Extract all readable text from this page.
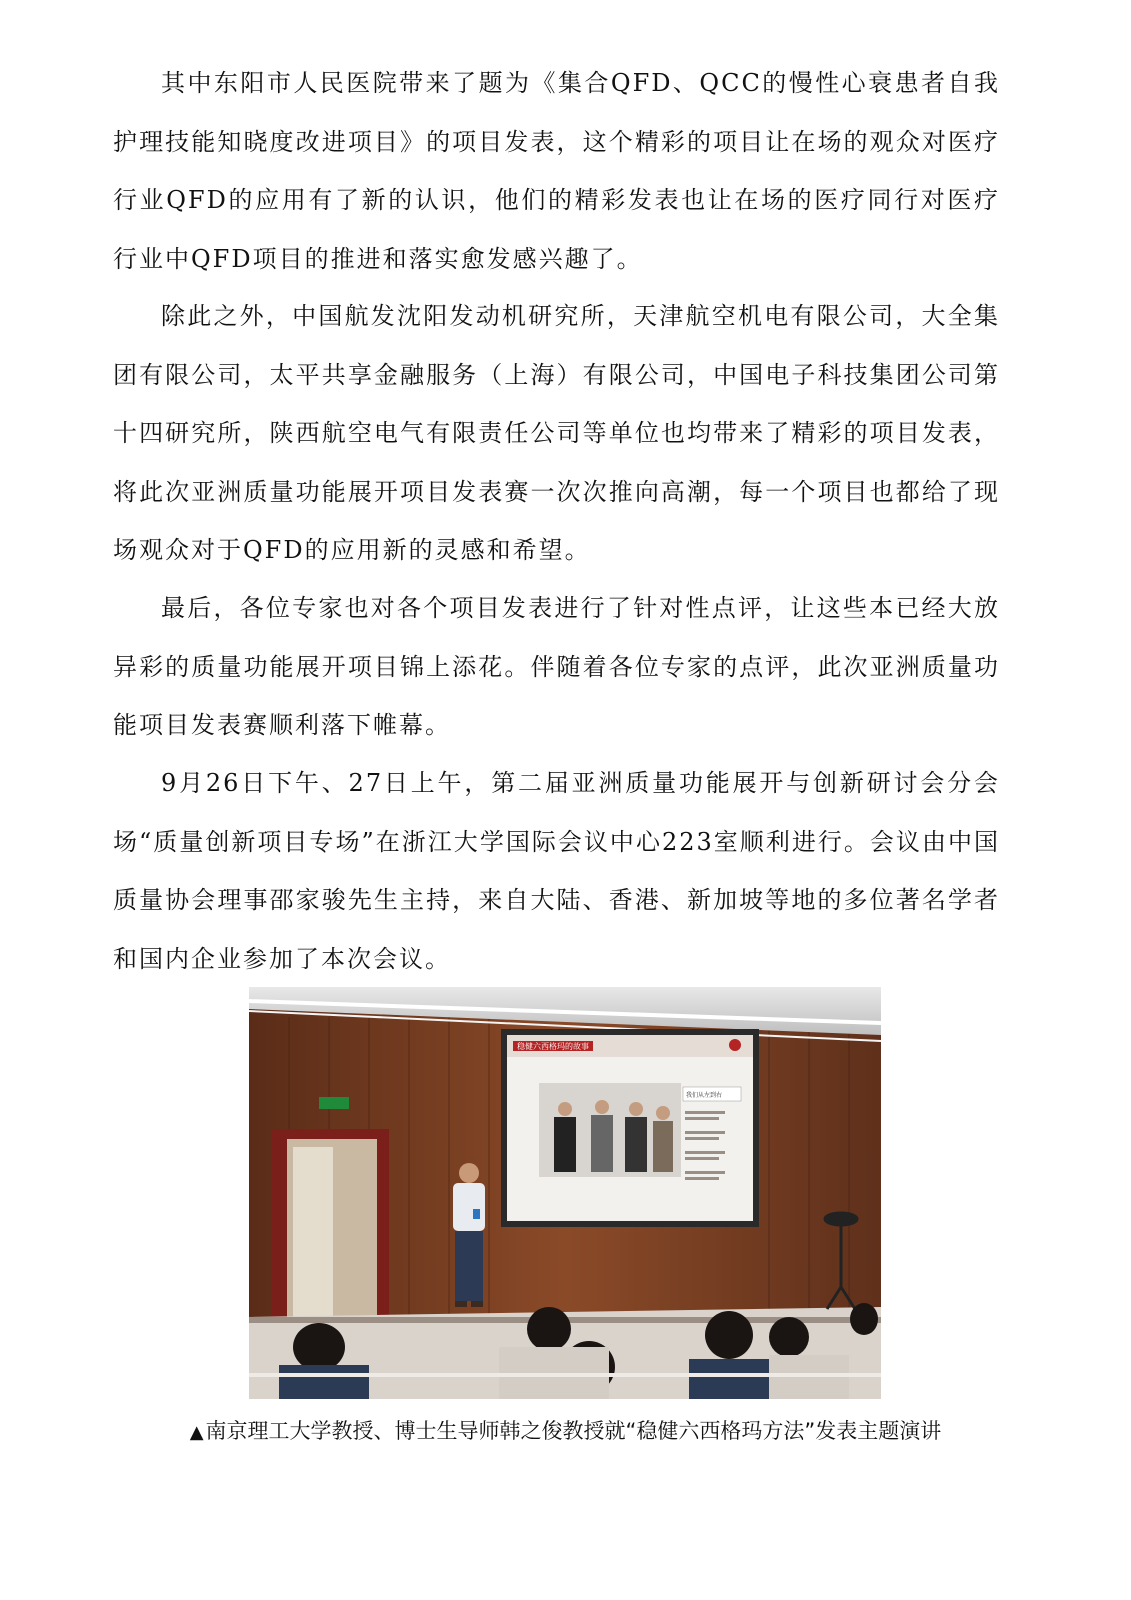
其中东阳市人民医院带来了题为《集合QFD、QCC的慢性心衰患者自我护理技能知晓度改进项目》的项目发表，这个精彩的项目让在场的观众对医疗行业QFD的应用有了新的认识，他们的精彩发表也让在场的医疗同行对医疗行业中QFD项目的推进和落实愈发感兴趣了。

除此之外，中国航发沈阳发动机研究所，天津航空机电有限公司，大全集团有限公司，太平共享金融服务（上海）有限公司，中国电子科技集团公司第十四研究所，陕西航空电气有限责任公司等单位也均带来了精彩的项目发表，将此次亚洲质量功能展开项目发表赛一次次推向高潮，每一个项目也都给了现场观众对于QFD的应用新的灵感和希望。

最后，各位专家也对各个项目发表进行了针对性点评，让这些本已经大放异彩的质量功能展开项目锦上添花。伴随着各位专家的点评，此次亚洲质量功能项目发表赛顺利落下帷幕。

9月26日下午、27日上午，第二届亚洲质量功能展开与创新研讨会分会场“质量创新项目专场”在浙江大学国际会议中心223室顺利进行。会议由中国质量协会理事邵家骏先生主持，来自大陆、香港、新加坡等地的多位著名学者和国内企业参加了本次会议。

稳健六西格玛的故事
我们从左到右
▲南京理工大学教授、博士生导师韩之俊教授就“稳健六西格玛方法”发表主题演讲
